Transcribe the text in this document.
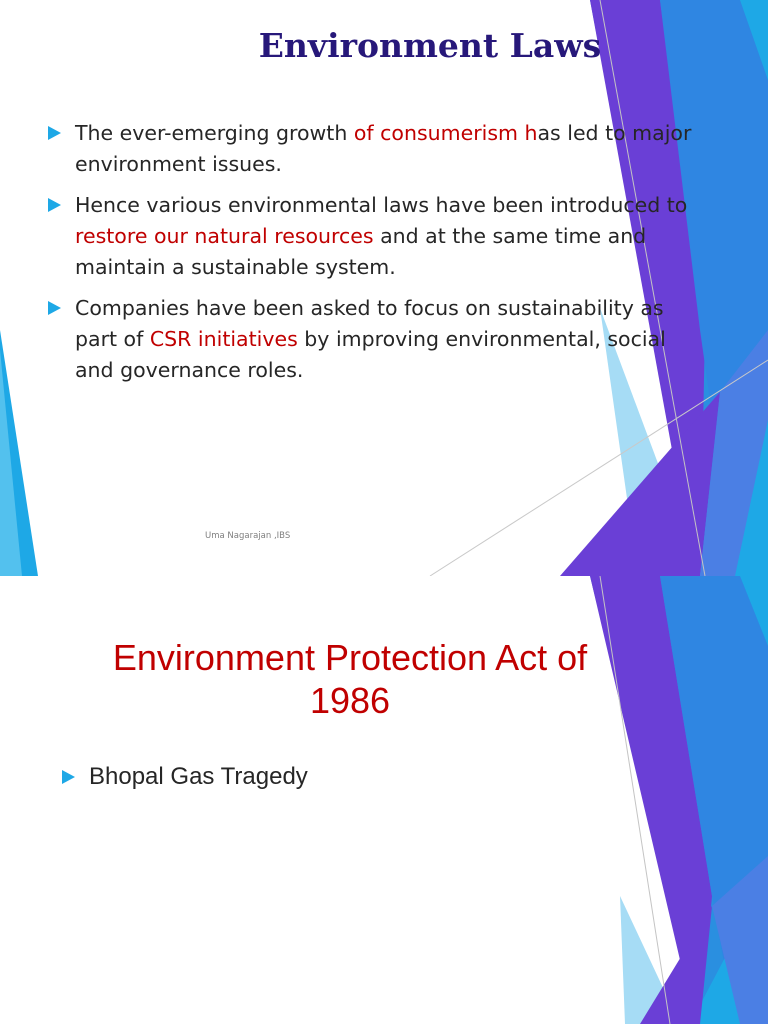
Environment Laws
The ever-emerging growth of consumerism has led to major environment issues.
Hence various environmental laws have been introduced to restore our natural resources and at the same time and maintain a sustainable system.
Companies have been asked to focus on sustainability as part of CSR initiatives by improving environmental, social and governance roles.
Uma Nagarajan ,IBS
Environment Protection Act of 1986
Bhopal Gas Tragedy
